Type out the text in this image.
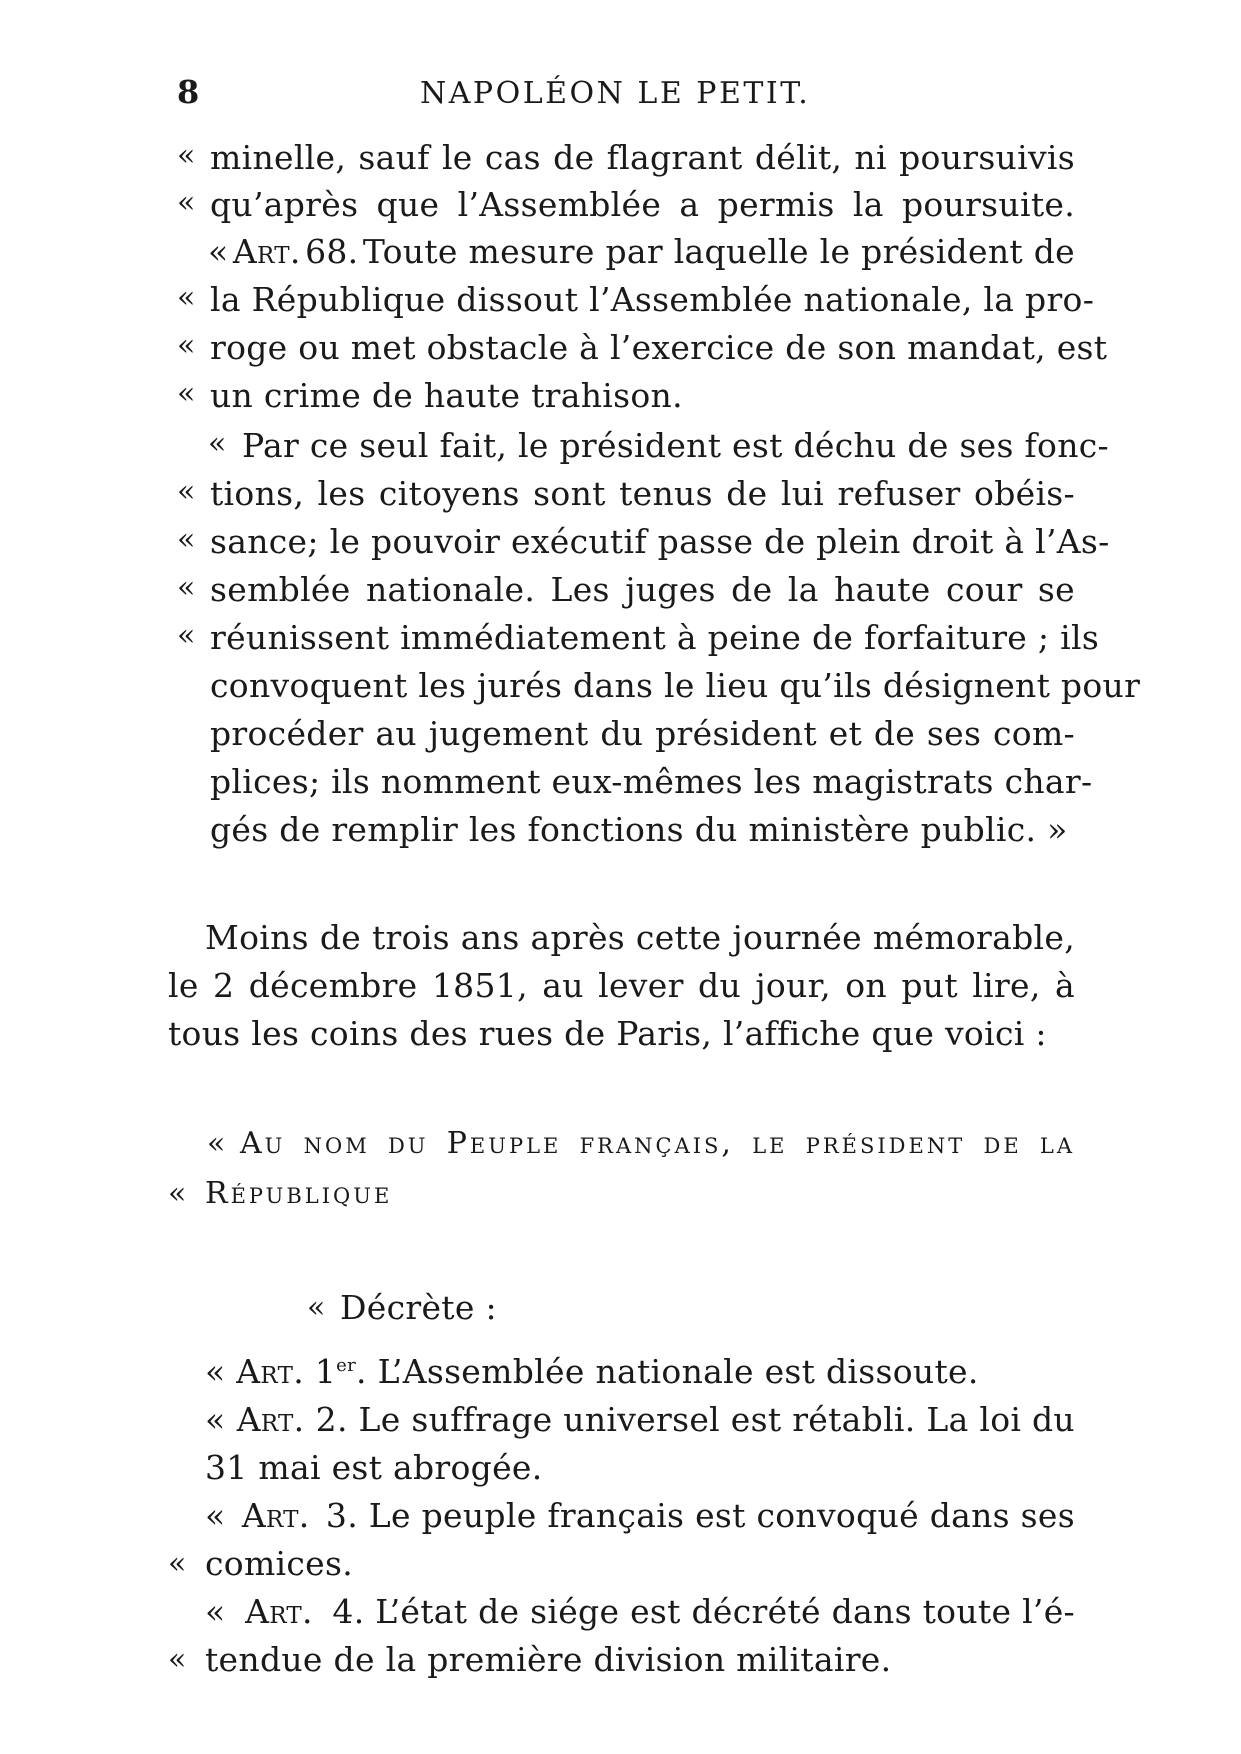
8	NAPOLÉON LE PETIT.
« minelle, sauf le cas de flagrant délit, ni poursuivis
« qu’après que l’Assemblée a permis la poursuite.
« Art. 68. Toute mesure par laquelle le président de
« la République dissout l’Assemblée nationale, la pro-
« roge ou met obstacle à l’exercice de son mandat, est
« un crime de haute trahison.
« Par ce seul fait, le président est déchu de ses fonc-
« tions, les citoyens sont tenus de lui refuser obéis-
« sance; le pouvoir exécutif passe de plein droit à l’As-
« semblée nationale. Les juges de la haute cour se
« réunissent immédiatement à peine de forfaiture ; ils
convoquent les jurés dans le lieu qu’ils désignent pour
procéder au jugement du président et de ses com-
plices; ils nomment eux-mêmes les magistrats char-
gés de remplir les fonctions du ministère public. »
Moins de trois ans après cette journée mémorable,
le 2 décembre 1851, au lever du jour, on put lire, à
tous les coins des rues de Paris, l’affiche que voici :
« Au nom du Peuple français, le président de la
« République
« Décrète :
« Art. 1er. L’Assemblée nationale est dissoute.
« Art. 2. Le suffrage universel est rétabli. La loi du
31 mai est abrogée.
« Art. 3. Le peuple français est convoqué dans ses
« comices.
« Art. 4. L’état de siége est décrété dans toute l’é-
« tendue de la première division militaire.
